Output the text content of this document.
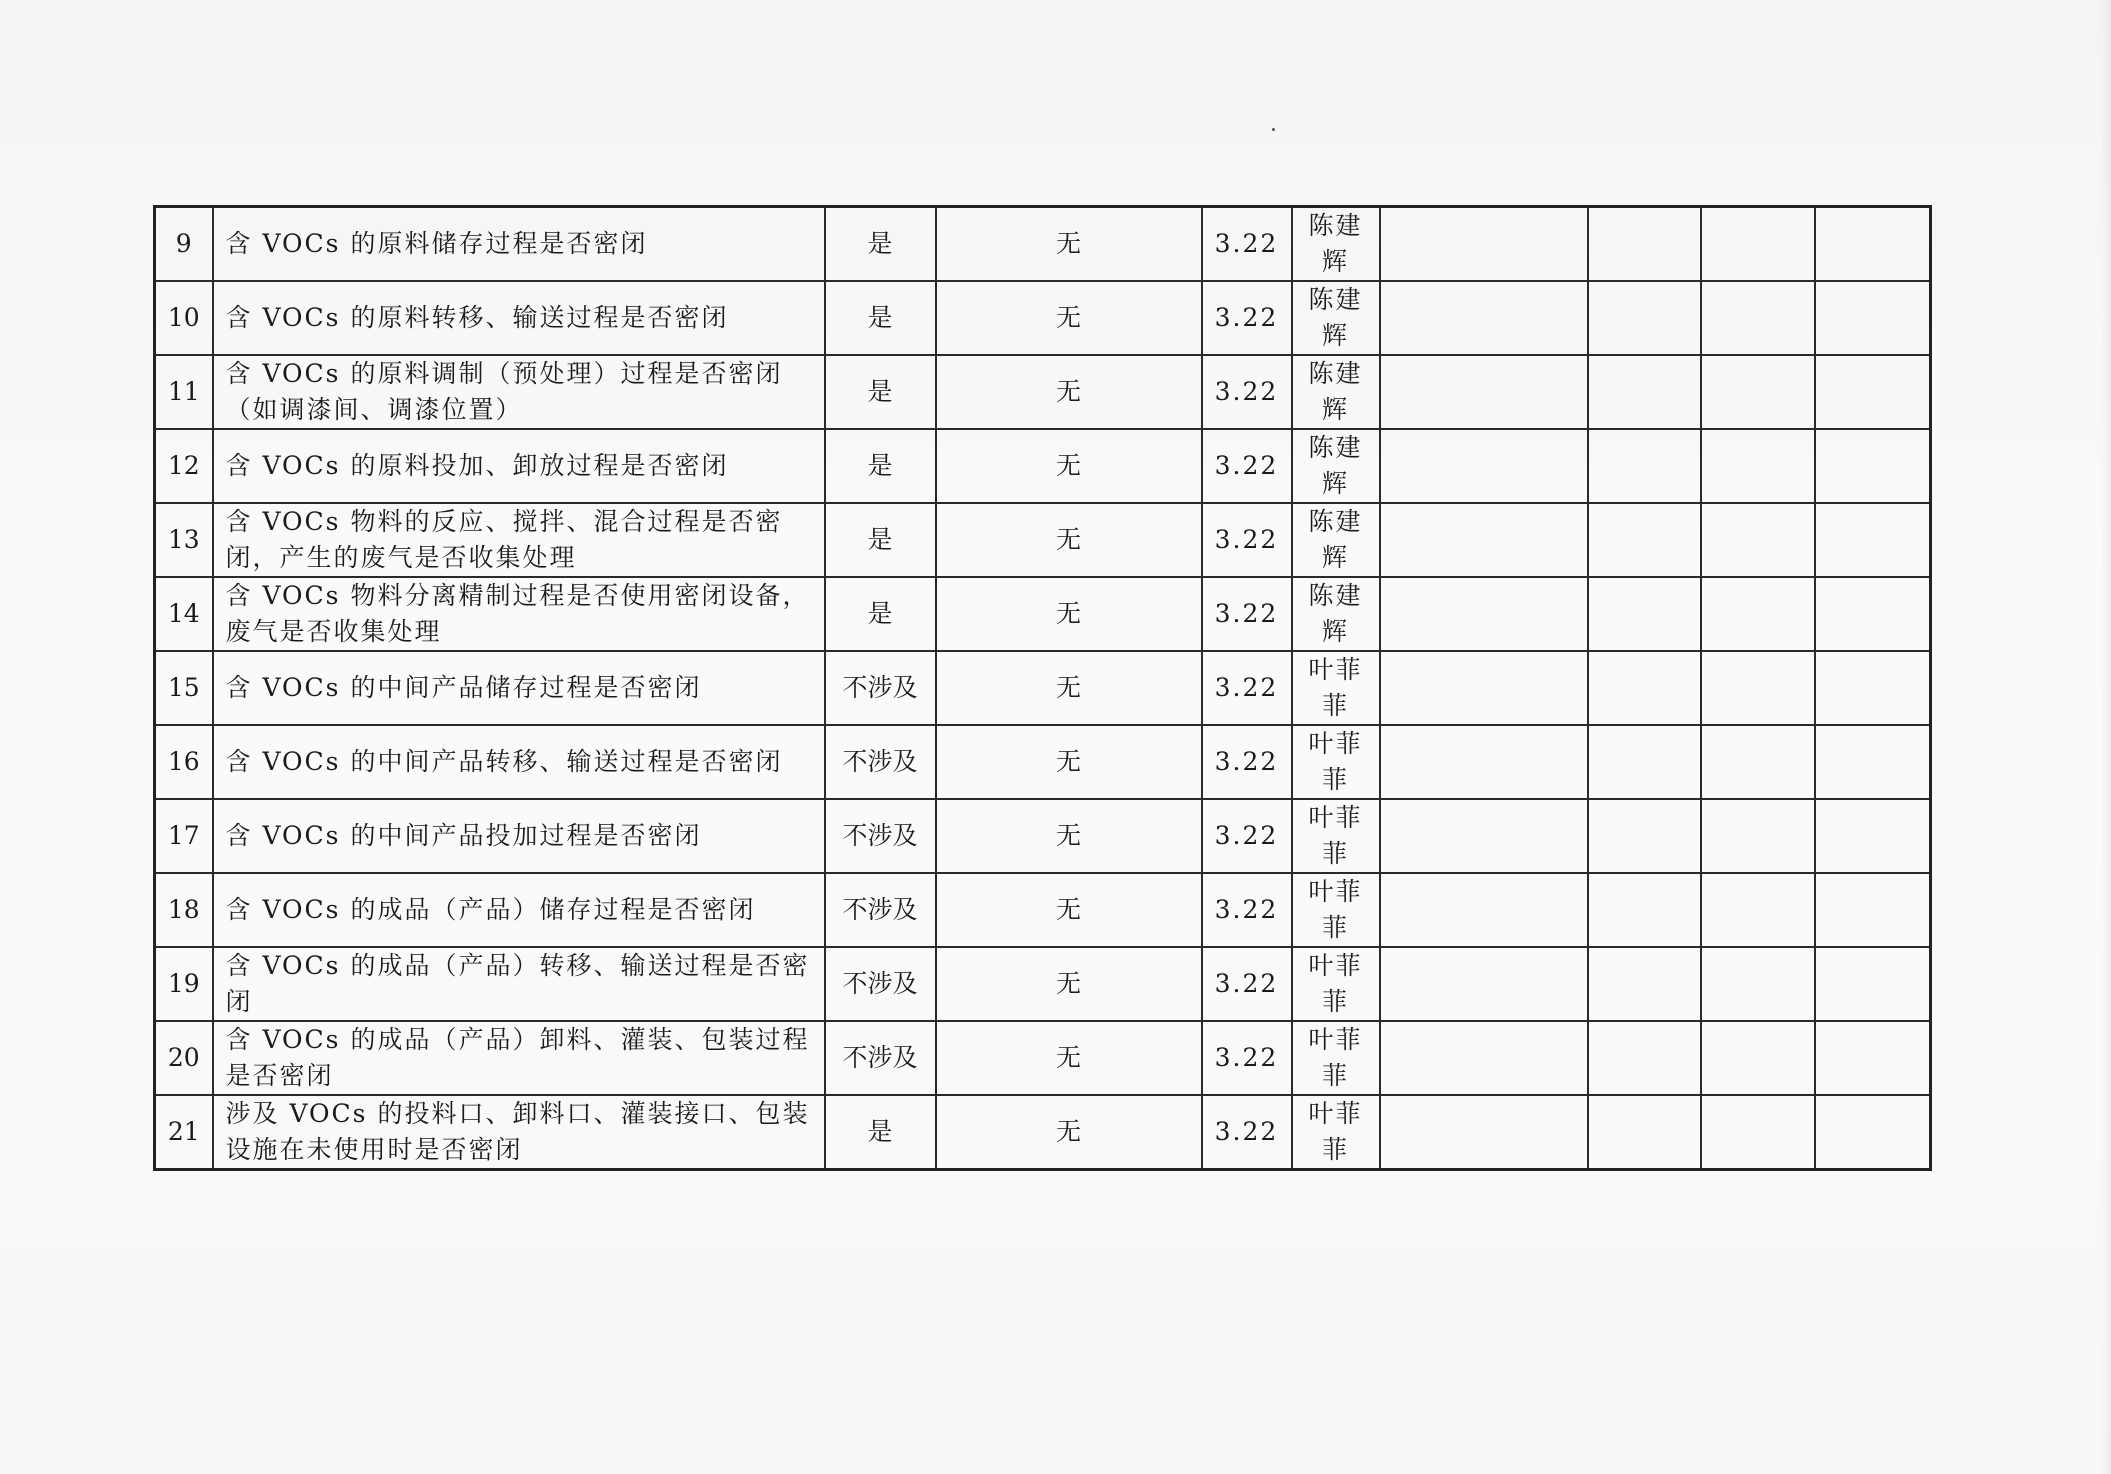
9	含 VOCs 的原料储存过程是否密闭	是	无	3.22	陈建辉				
10	含 VOCs 的原料转移、输送过程是否密闭	是	无	3.22	陈建辉				
11	含 VOCs 的原料调制（预处理）过程是否密闭（如调漆间、调漆位置）	是	无	3.22	陈建辉				
12	含 VOCs 的原料投加、卸放过程是否密闭	是	无	3.22	陈建辉				
13	含 VOCs 物料的反应、搅拌、混合过程是否密闭，产生的废气是否收集处理	是	无	3.22	陈建辉				
14	含 VOCs 物料分离精制过程是否使用密闭设备，废气是否收集处理	是	无	3.22	陈建辉				
15	含 VOCs 的中间产品储存过程是否密闭	不涉及	无	3.22	叶菲菲				
16	含 VOCs 的中间产品转移、输送过程是否密闭	不涉及	无	3.22	叶菲菲				
17	含 VOCs 的中间产品投加过程是否密闭	不涉及	无	3.22	叶菲菲				
18	含 VOCs 的成品（产品）储存过程是否密闭	不涉及	无	3.22	叶菲菲				
19	含 VOCs 的成品（产品）转移、输送过程是否密闭	不涉及	无	3.22	叶菲菲				
20	含 VOCs 的成品（产品）卸料、灌装、包装过程是否密闭	不涉及	无	3.22	叶菲菲				
21	涉及 VOCs 的投料口、卸料口、灌装接口、包装设施在未使用时是否密闭	是	无	3.22	叶菲菲				
